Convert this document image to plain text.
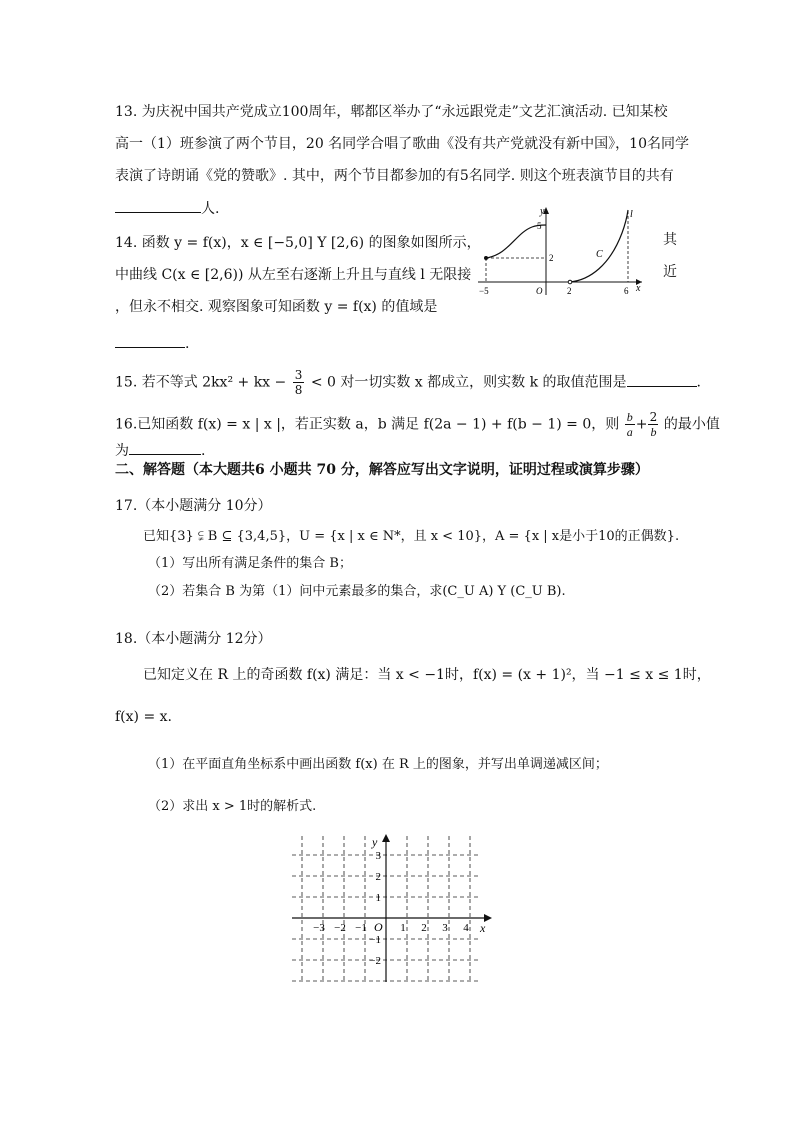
13. 为庆祝中国共产党成立100周年，郫都区举办了“永远跟党走”文艺汇演活动. 已知某校
高一（1）班参演了两个节目，20 名同学合唱了歌曲《没有共产党就没有新中国》，10名同学
表演了诗朗诵《党的赞歌》. 其中，两个节目都参加的有5名同学. 则这个班表演节目的共有
人.
14. 函数 y = f(x)，x ∈ [−5,0] Y [2,6) 的图象如图所示，
中曲线 C(x ∈ [2,6)) 从左至右逐渐上升且与直线 l 无限接
，但永不相交. 观察图象可知函数 y = f(x) 的值域是
其
近
.
y
x
l
C
−5	O	2	6
2
5
15. 若不等式 2kx² + kx − $\frac{3}{8} < 0$ 对一切实数 x 都成立，则实数 k 的取值范围是	.
16.已知函数 f(x) = x | x |，若正实数 a，b 满足 f(2a − 1) + f(b − 1) = 0，则 $\frac{b}{a} + \frac{2}{b}$ 的最小值
为	.
二、解答题（本大题共6 小题共 70 分，解答应写出文字说明，证明过程或演算步骤）
17.（本小题满分 10分）
已知{3} ⫋ B ⊆ {3,4,5}，U = {x | x ∈ N*，且 x < 10}，A = {x | x是小于10的正偶数}.
（1）写出所有满足条件的集合 B；
（2）若集合 B 为第（1）问中元素最多的集合，求(C_U A) Y (C_U B).
18.（本小题满分 12分）
已知定义在 R 上的奇函数 f(x) 满足：当 x < −1时，f(x) = (x + 1)²，当 −1 ≤ x ≤ 1时，
f(x) = x.
（1）在平面直角坐标系中画出函数 f(x) 在 R 上的图象，并写出单调递减区间；
（2）求出 x > 1时的解析式.
y
x
O
−3 −2 −1	1 2 3 4
3
2
1
−1
−2
